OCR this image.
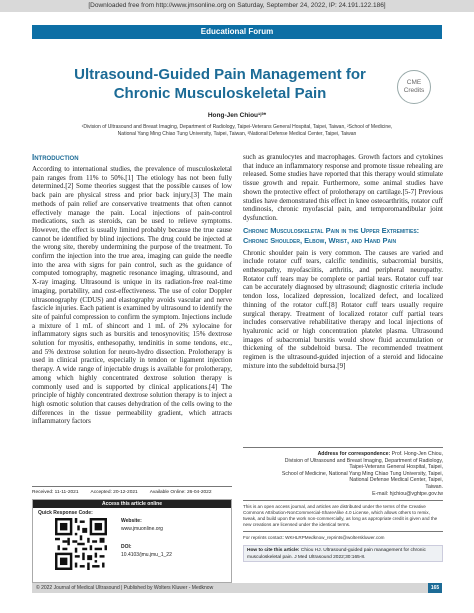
[Downloaded free from http://www.jmsonline.org on Saturday, September 24, 2022, IP: 24.191.122.186]
Educational Forum
Ultrasound-Guided Pain Management for Chronic Musculoskeletal Pain
CME
Credits
Hong-Jen Chiou¹ʲ³*
¹Division of Ultrasound and Breast Imaging, Department of Radiology, Taipei-Veterans General Hospital, Taipei, Taiwan, ²School of Medicine, National Yang Ming Chiao Tung University, Taipei, Taiwan, ³National Defense Medical Center, Taipei, Taiwan
Introduction
According to international studies, the prevalence of musculoskeletal pain ranges from 11% to 50%.[1] The etiology has not been fully determined.[2] Some theories suggest that the possible causes of low back pain are physical stress and prior back injury.[3] The main methods of pain relief are conservative treatments that often cannot effectively manage the pain. Local injections of pain-control medications, such as steroids, can be used to relieve symptoms. However, the effect is usually limited probably because the true cause cannot be identified by blind injections. The drug could be injected at the wrong site, thereby undermining the purpose of the treatment. To confirm the injection into the true area, imaging can guide the needle into the area with signs for pain control, such as the guidance of computed tomography, magnetic resonance imaging, ultrasound, and X-ray imaging. Ultrasound is unique in its radiation-free real-time imaging, portability, and cost-effectiveness. The use of color Doppler ultrasonography (CDUS) and elastography avoids vascular and nerve fascicle injuries. Each patient is examined by ultrasound to identify the site of painful compression to confirm the symptom. Injections include a mixture of 1 mL of shincort and 1 mL of 2% xylocaine for inflammatory signs such as bursitis and tenosynovitis; 15% dextrose solution for myositis, enthesopathy, tendinitis in some tendons, etc., and 5% dextrose solution for neuro-hydro dissection. Prolotherapy is used in clinical practice, especially in tendon or ligament injection therapy. A wide range of injectable drugs is available for prolotherapy, among which highly concentrated dextrose solution therapy is commonly used and is supported by clinical applications.[4] The principle of highly concentrated dextrose solution therapy is to inject a high osmotic solution that causes dehydration of the cells owing to the differences in the tissue permeability gradient, which attracts inflammatory factors
such as granulocytes and macrophages. Growth factors and cytokines that induce an inflammatory response and promote tissue rehealing are released. Some studies have reported that this therapy would stimulate tissue growth and repair. Furthermore, some animal studies have shown the protective effect of prolotherapy on cartilage.[5-7] Previous studies have demonstrated this effect in knee osteoarthritis, rotator cuff tendinosis, chronic myofascial pain, and temporomandibular joint dysfunction.
Chronic Musculoskeletal Pain in the Upper Extremities: Chronic Shoulder, Elbow, Wrist, and Hand Pain
Chronic shoulder pain is very common. The causes are varied and include rotator cuff tears, calcific tendinitis, subacromial bursitis, enthesopathy, myofasciitis, arthritis, and peripheral neuropathy. Rotator cuff tears may be complete or partial tears. Rotator cuff tear can be accurately diagnosed by ultrasound; diagnostic criteria include tendon loss, localized depression, localized defect, and localized thinning of the rotator cuff.[8] Rotator cuff tears usually require surgical therapy. Treatment of localized rotator cuff partial tears includes conservative rehabilitative therapy and local injections of hyaluronic acid or high concentration platelet plasma. Ultrasound images of subacromial bursitis would show fluid accumulation or thickening of the subdeltoid bursa. The recommended treatment regimen is the ultrasound-guided injection of a steroid and lidocaine mixture into the subdeltoid bursa.[9]
Received: 11-11-2021	Accepted: 20-12-2021	Available Online: 26-04-2022
Access this article online
Quick Response Code:
Website:
www.jmuonline.org
DOI:
10.4103/jmu.jmu_1_22
Address for correspondence: Prof. Hong-Jen Chiou,
Division of Ultrasound and Breast Imaging, Department of Radiology,
Taipei-Veterans General Hospital, Taipei,
School of Medicine, National Yang Ming Chiao Tung University, Taipei,
National Defense Medical Center, Taipei,
Taiwan.
E-mail: hjchiou@vghtpe.gov.tw
This is an open access journal, and articles are distributed under the terms of the Creative Commons Attribution-NonCommercial-ShareAlike 4.0 License, which allows others to remix, tweak, and build upon the work non-commercially, as long as appropriate credit is given and the new creations are licensed under the identical terms.
For reprints contact: WKHLRPMedknow_reprints@wolterskluwer.com
How to cite this article: Chiou HJ. Ultrasound-guided pain management for chronic musculoskeletal pain. J Med Ultrasound 2022;30:165-8.
© 2022 Journal of Medical Ultrasound | Published by Wolters Kluwer - Medknow	165
